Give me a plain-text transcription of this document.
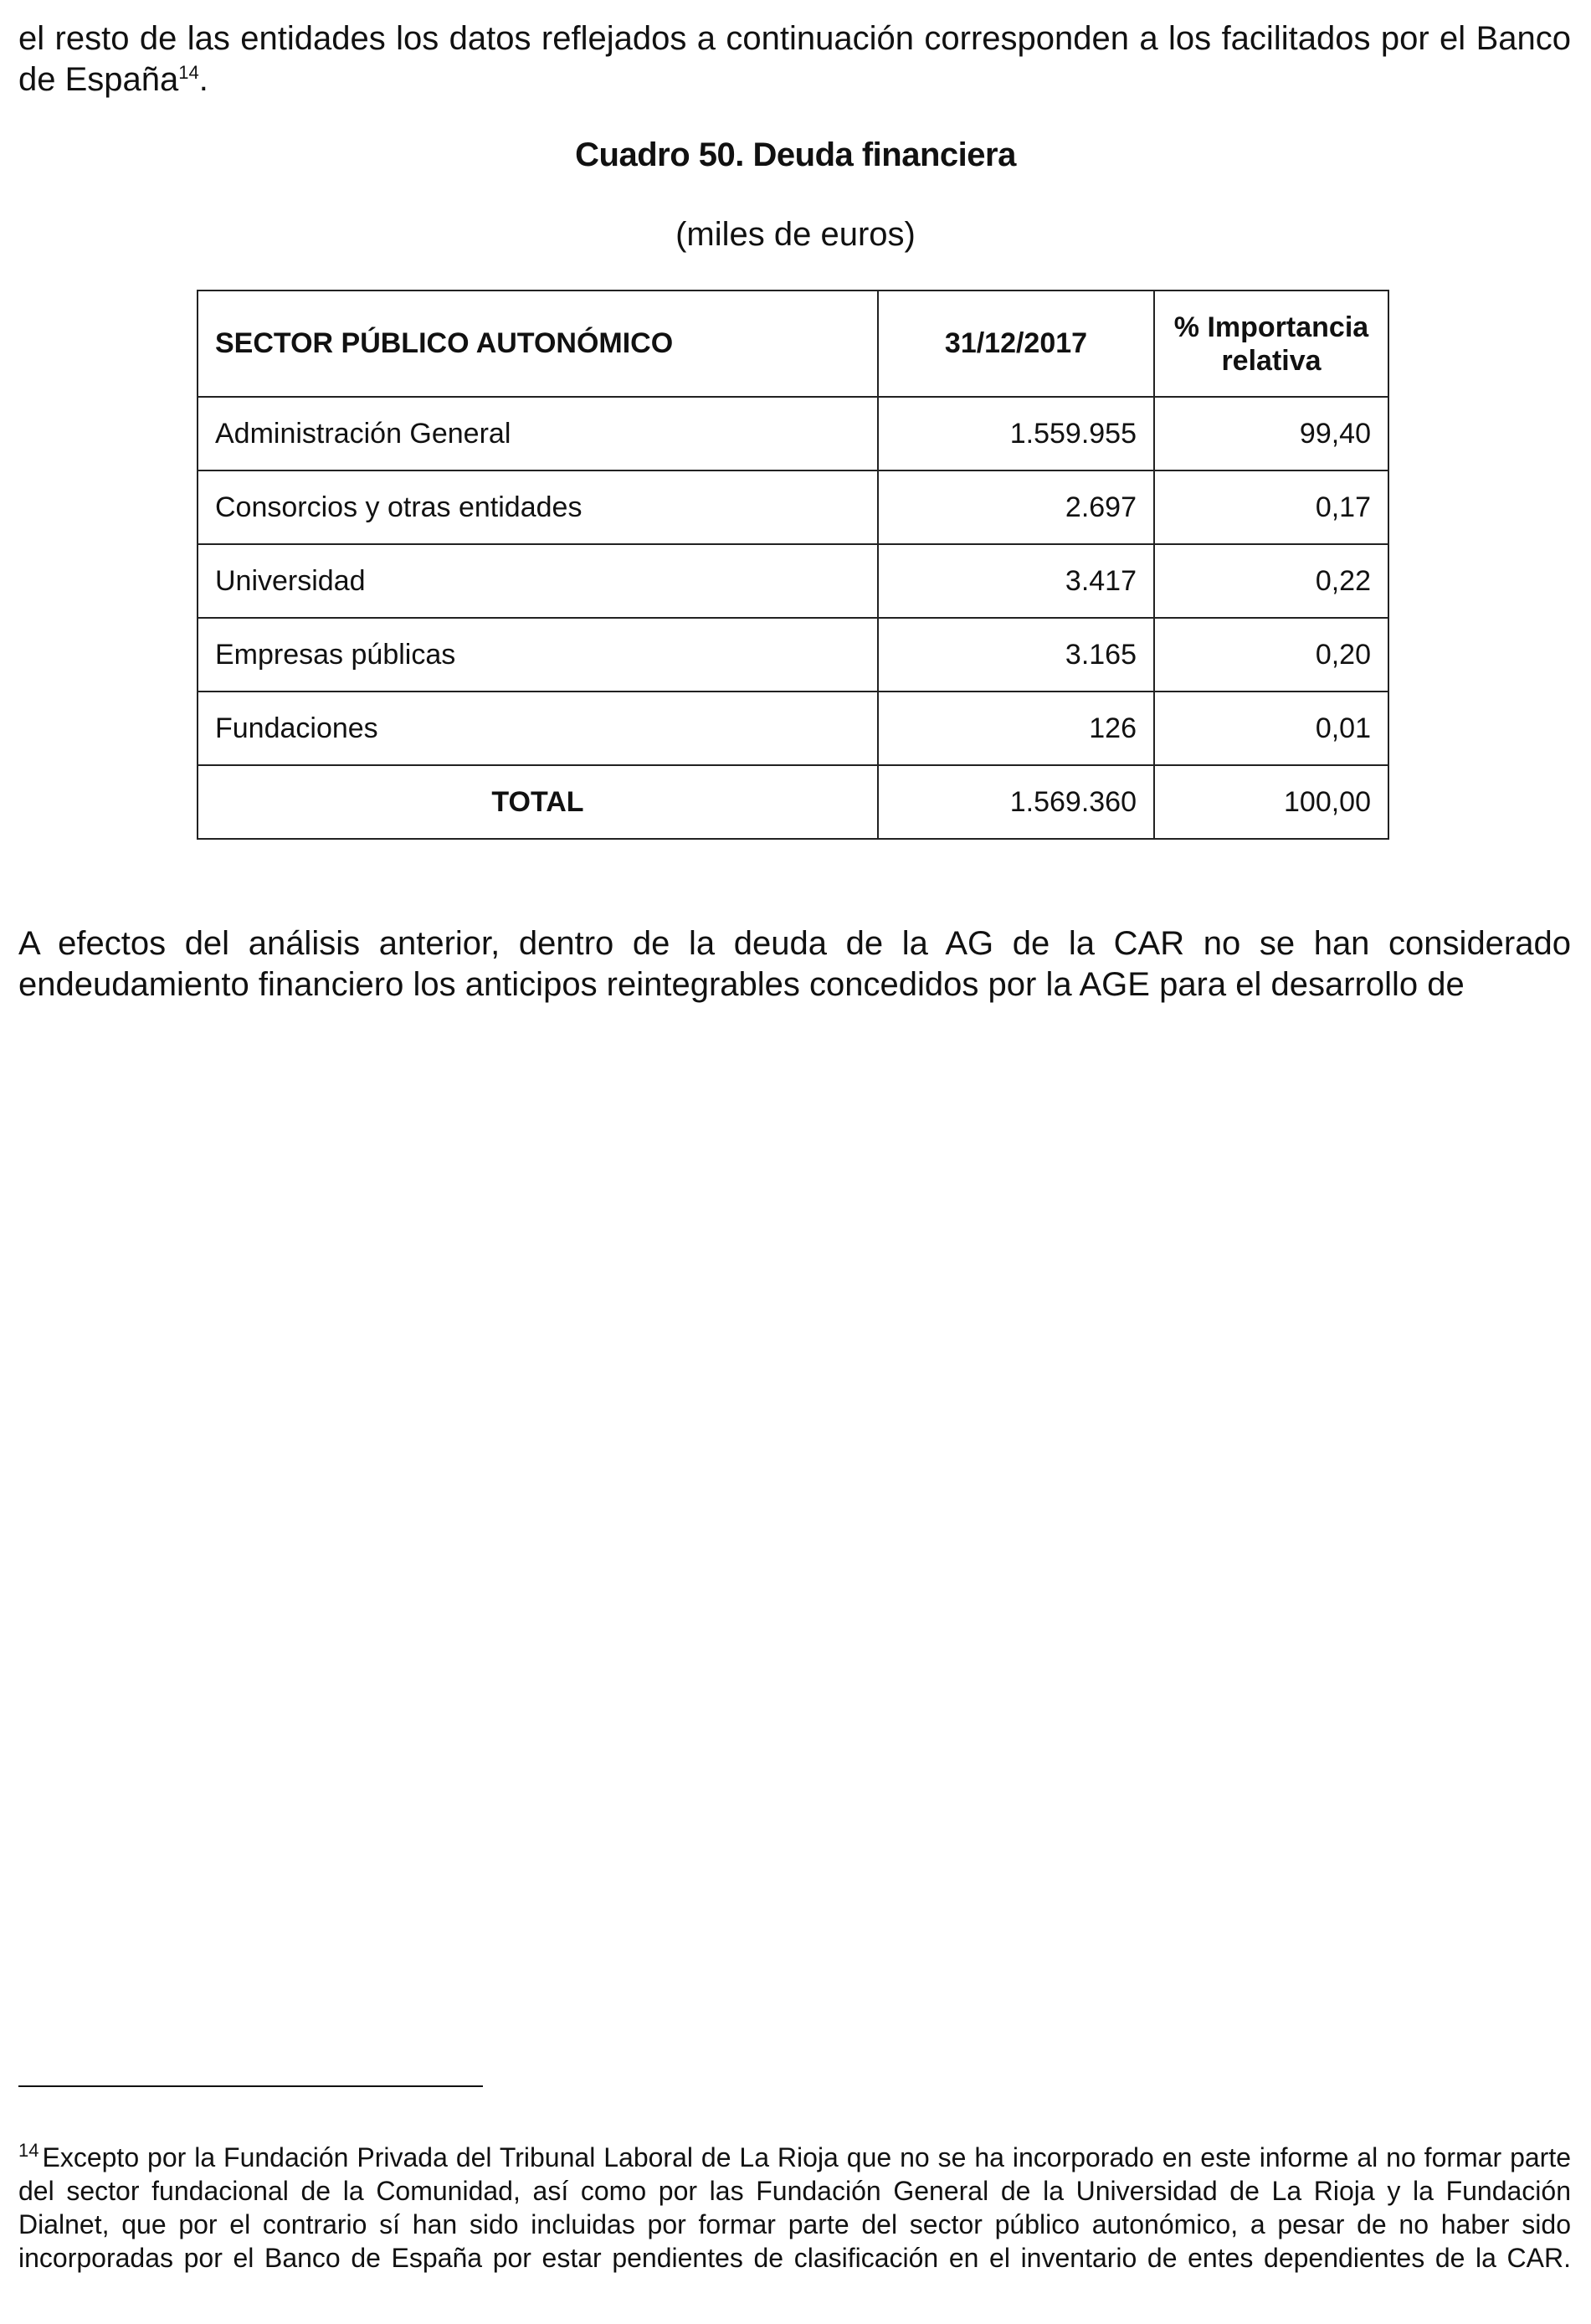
el resto de las entidades los datos reflejados a continuación corresponden a los facilitados por el Banco de España$^{14}$.

Cuadro 50. Deuda financiera

(miles de euros)

SECTOR PÚBLICO AUTONÓMICO	31/12/2017	% Importancia
relativa
Administración General	1.559.955	99,40
Consorcios y otras entidades	2.697	0,17
Universidad	3.417	0,22
Empresas públicas	3.165	0,20
Fundaciones	126	0,01
TOTAL	1.569.360	100,00

A efectos del análisis anterior, dentro de la deuda de la AG de la CAR no se han considerado endeudamiento financiero los anticipos reintegrables concedidos por la AGE para el desarrollo de

$^{14}$ Excepto por la Fundación Privada del Tribunal Laboral de La Rioja que no se ha incorporado en este informe al no formar parte del sector fundacional de la Comunidad, así como por las Fundación General de la Universidad de La Rioja y la Fundación Dialnet, que por el contrario sí han sido incluidas por formar parte del sector público autonómico, a pesar de no haber sido incorporadas por el Banco de España por estar pendientes de clasificación en el inventario de entes dependientes de la CAR.
